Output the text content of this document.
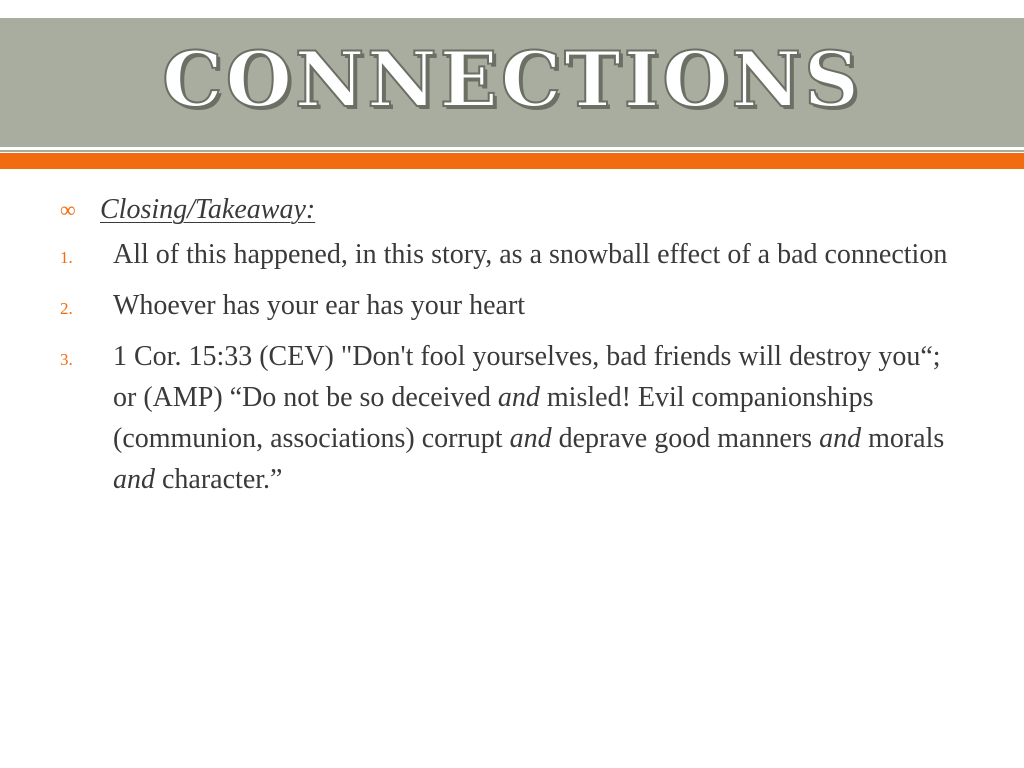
CONNECTIONS
∞ Closing/Takeaway:
1.	All of this happened, in this story, as a snowball effect of a bad connection
2.	Whoever has your ear has your heart
3.	1 Cor. 15:33 (CEV) "Don't fool yourselves, bad friends will destroy you“; or (AMP) “Do not be so deceived and misled! Evil companionships (communion, associations) corrupt and deprave good manners and morals and character.”
